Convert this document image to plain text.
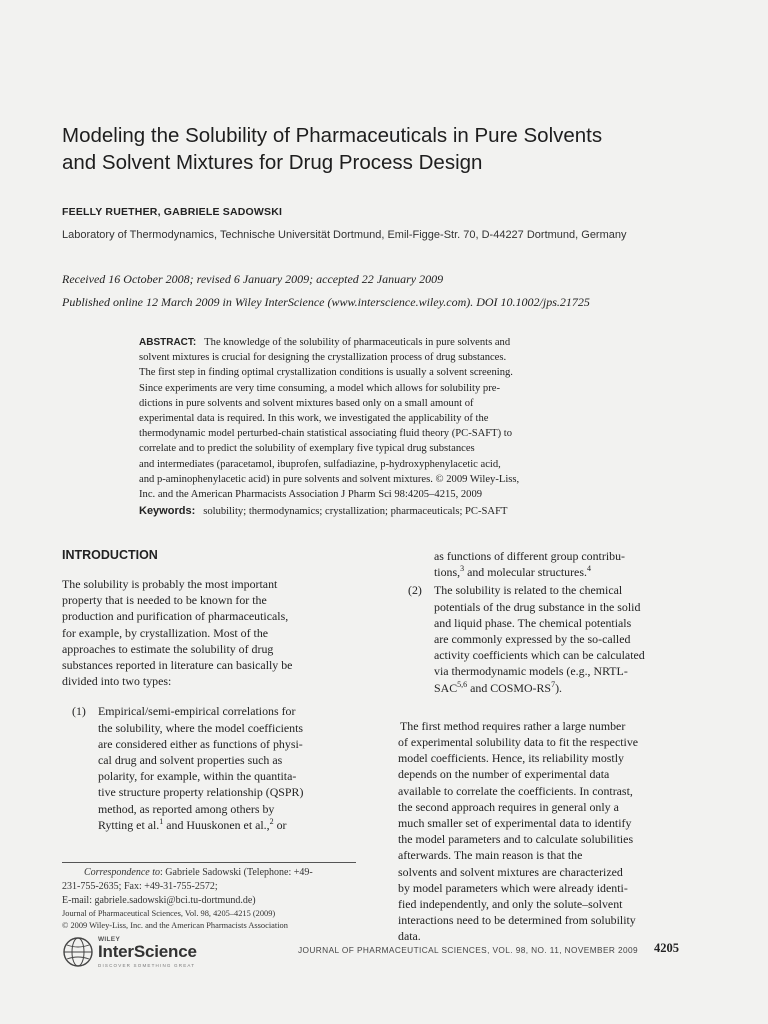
Modeling the Solubility of Pharmaceuticals in Pure Solvents
and Solvent Mixtures for Drug Process Design
FEELLY RUETHER, GABRIELE SADOWSKI
Laboratory of Thermodynamics, Technische Universität Dortmund, Emil-Figge-Str. 70, D-44227 Dortmund, Germany
Received 16 October 2008; revised 6 January 2009; accepted 22 January 2009
Published online 12 March 2009 in Wiley InterScience (www.interscience.wiley.com). DOI 10.1002/jps.21725
ABSTRACT: The knowledge of the solubility of pharmaceuticals in pure solvents and
solvent mixtures is crucial for designing the crystallization process of drug substances.
The first step in finding optimal crystallization conditions is usually a solvent screening.
Since experiments are very time consuming, a model which allows for solubility pre-
dictions in pure solvents and solvent mixtures based only on a small amount of
experimental data is required. In this work, we investigated the applicability of the
thermodynamic model perturbed-chain statistical associating fluid theory (PC-SAFT) to
correlate and to predict the solubility of exemplary five typical drug substances
and intermediates (paracetamol, ibuprofen, sulfadiazine, p-hydroxyphenylacetic acid,
and p-aminophenylacetic acid) in pure solvents and solvent mixtures. © 2009 Wiley-Liss,
Inc. and the American Pharmacists Association J Pharm Sci 98:4205–4215, 2009
Keywords: solubility; thermodynamics; crystallization; pharmaceuticals; PC-SAFT
INTRODUCTION
The solubility is probably the most important
property that is needed to be known for the
production and purification of pharmaceuticals,
for example, by crystallization. Most of the
approaches to estimate the solubility of drug
substances reported in literature can basically be
divided into two types:
(1) Empirical/semi-empirical correlations for
the solubility, where the model coefficients
are considered either as functions of physi-
cal drug and solvent properties such as
polarity, for example, within the quantita-
tive structure property relationship (QSPR)
method, as reported among others by
Rytting et al.$^1$ and Huuskonen et al.,$^2$ or
as functions of different group contribu-
tions,$^3$ and molecular structures.$^4$
(2) The solubility is related to the chemical
potentials of the drug substance in the solid
and liquid phase. The chemical potentials
are commonly expressed by the so-called
activity coefficients which can be calculated
via thermodynamic models (e.g., NRTL-
SAC$^{5,6}$ and COSMO-$RS^7$).
The first method requires rather a large number
of experimental solubility data to fit the respective
model coefficients. Hence, its reliability mostly
depends on the number of experimental data
available to correlate the coefficients. In contrast,
the second approach requires in general only a
much smaller set of experimental data to identify
the model parameters and to calculate solubilities
afterwards. The main reason is that the
solvents and solvent mixtures are characterized
by model parameters which were already identi-
fied independently, and only the solute–solvent
interactions need to be determined from solubility
data.
Correspondence to: Gabriele Sadowski (Telephone: +49-
231-755-2635; Fax: +49-31-755-2572;
E-mail: gabriele.sadowski@bci.tu-dortmund.de)
Journal of Pharmaceutical Sciences, Vol. 98, 4205–4215 (2009)
© 2009 Wiley-Liss, Inc. and the American Pharmacists Association
WILEY
InterScience
DISCOVER SOMETHING GREAT
JOURNAL OF PHARMACEUTICAL SCIENCES, VOL. 98, NO. 11, NOVEMBER 2009 4205
